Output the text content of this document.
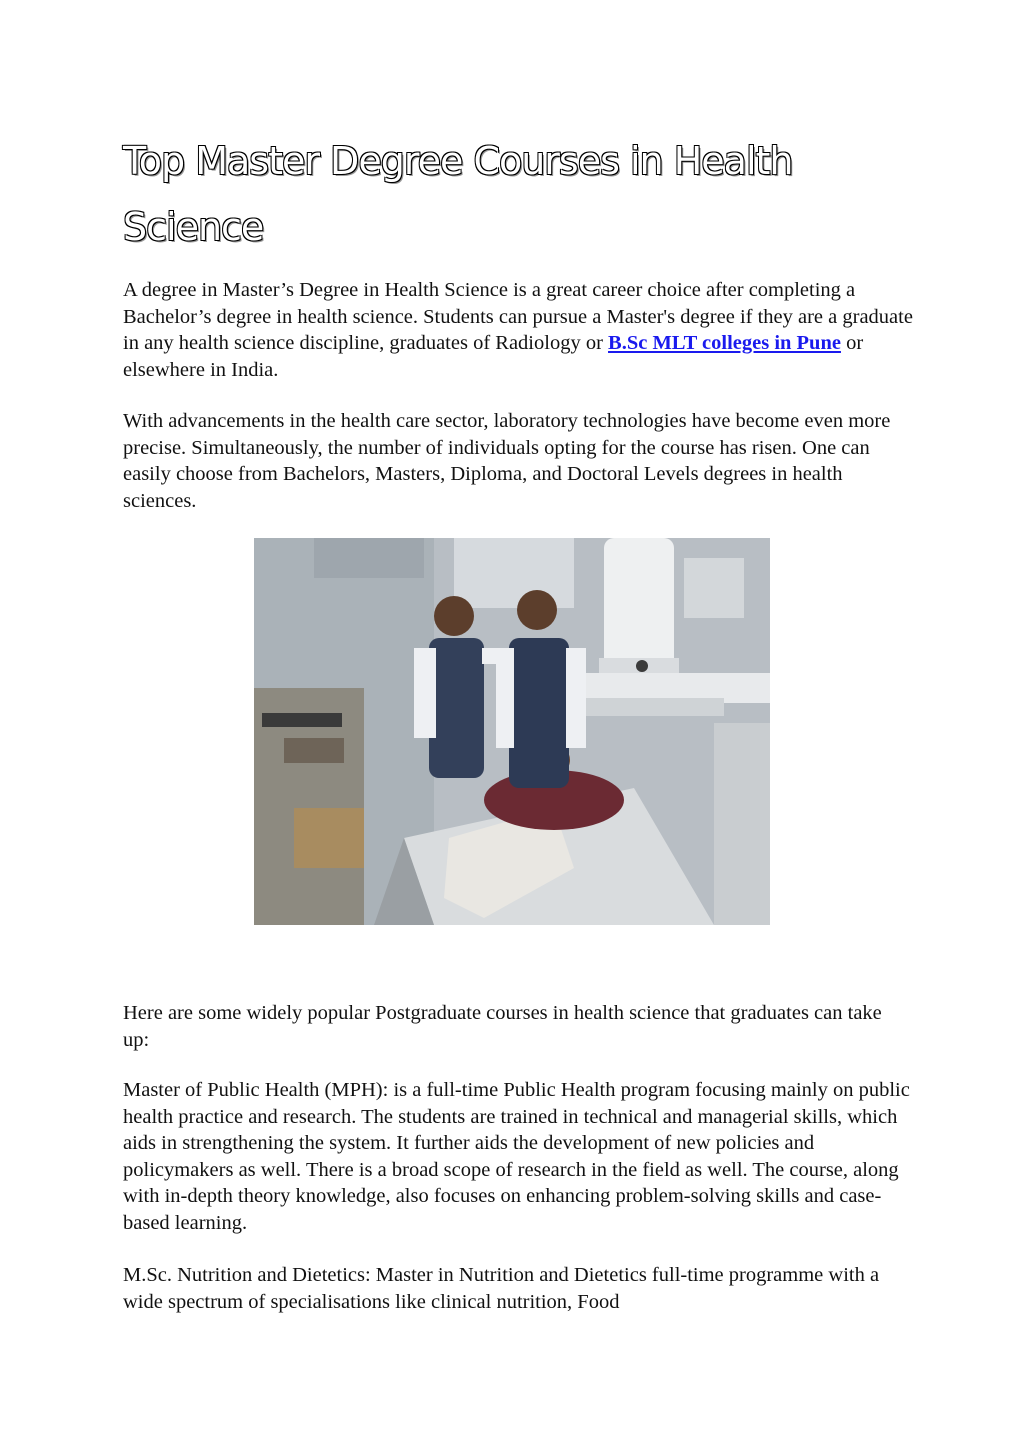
Top Master Degree Courses in Health Science

A degree in Master’s Degree in Health Science is a great career choice after completing a Bachelor’s degree in health science. Students can pursue a Master's degree if they are a graduate in any health science discipline, graduates of Radiology or B.Sc MLT colleges in Pune or elsewhere in India.

With advancements in the health care sector, laboratory technologies have become even more precise. Simultaneously, the number of individuals opting for the course has risen. One can easily choose from Bachelors, Masters, Diploma, and Doctoral Levels degrees in health sciences.

Here are some widely popular Postgraduate courses in health science that graduates can take up:

Master of Public Health (MPH): is a full-time Public Health program focusing mainly on public health practice and research. The students are trained in technical and managerial skills, which aids in strengthening the system. It further aids the development of new policies and policymakers as well. There is a broad scope of research in the field as well. The course, along with in-depth theory knowledge, also focuses on enhancing problem-solving skills and case-based learning.

M.Sc. Nutrition and Dietetics: Master in Nutrition and Dietetics full-time programme with a wide spectrum of specialisations like clinical nutrition, Food
